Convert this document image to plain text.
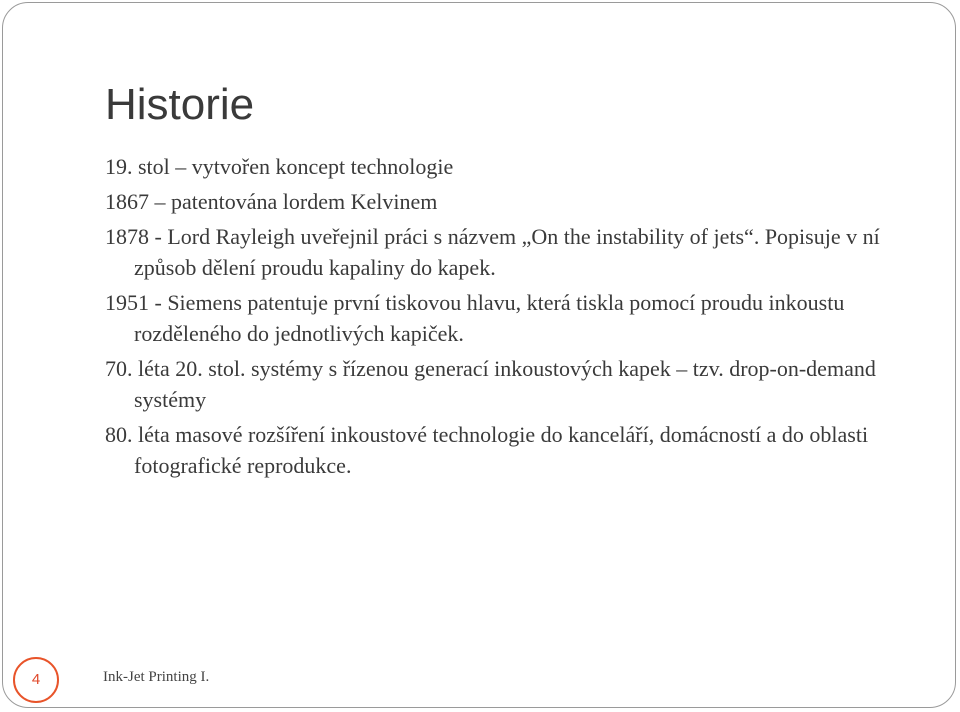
Historie
19. stol – vytvořen koncept technologie
1867 – patentována lordem Kelvinem
1878 - Lord Rayleigh uveřejnil práci s názvem „On the instability of jets“. Popisuje v ní způsob dělení proudu kapaliny do kapek.
1951 - Siemens patentuje první tiskovou hlavu, která tiskla pomocí proudu inkoustu rozděleného do jednotlivých kapiček.
70. léta 20. stol. systémy s řízenou generací inkoustových kapek – tzv. drop-on-demand systémy
80. léta masové rozšíření inkoustové technologie do kanceláří, domácností a do oblasti fotografické reprodukce.
4	Ink-Jet Printing I.
